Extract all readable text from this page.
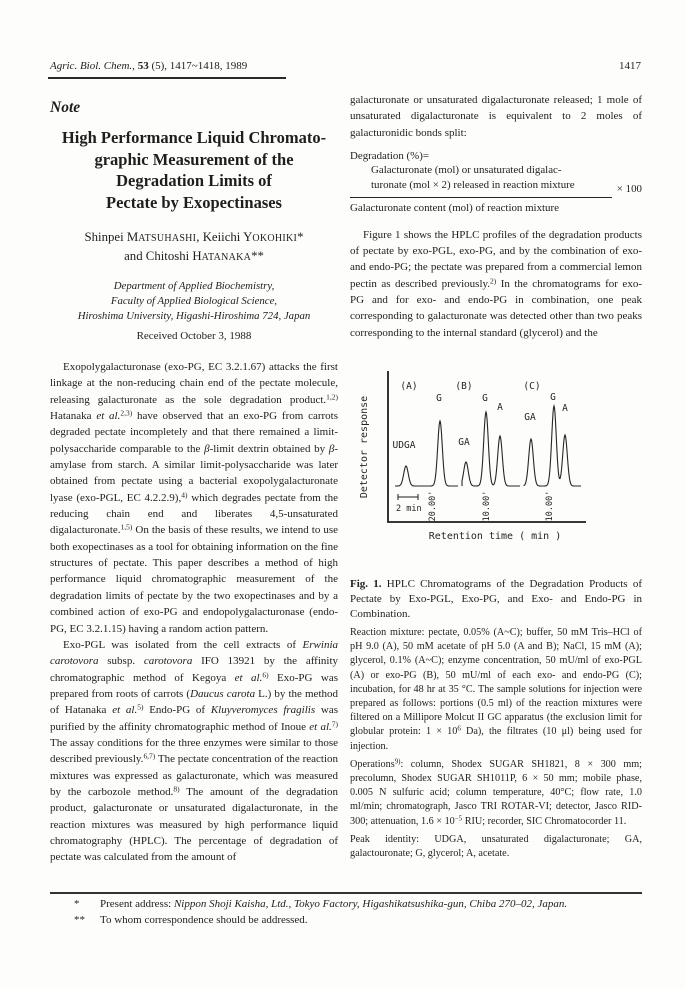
Agric. Biol. Chem., 53 (5), 1417~1418, 1989	1417
Note
High Performance Liquid Chromato-
graphic Measurement of the
Degradation Limits of
Pectate by Exopectinases
Shinpei MATSUHASHI, Keiichi YOKOHIKI*
and Chitoshi HATANAKA**
Department of Applied Biochemistry,
Faculty of Applied Biological Science,
Hiroshima University, Higashi-Hiroshima 724, Japan
Received October 3, 1988

Exopolygalacturonase (exo-PG, EC 3.2.1.67) attacks the first linkage at the non-reducing chain end of the pectate molecule, releasing galacturonate as the sole degradation product.$^{1,2)}$ Hatanaka et al.$^{2,3)}$ have observed that an exo-PG from carrots degraded pectate incompletely and that there remained a limit-polysaccharide comparable to the β-limit dextrin obtained by β-amylase from starch. A similar limit-polysaccharide was later obtained from pectate using a bacterial exopolygalacturonate lyase (exo-PGL, EC 4.2.2.9),$^{4)}$ which degrades pectate from the reducing chain end and liberates 4,5-unsaturated digalacturonate.$^{1,5)}$ On the basis of these results, we intend to use both exopectinases as a tool for obtaining information on the fine structures of pectate. This paper describes a method of high performance liquid chromatographic measurement of the degradation limits of pectate by the two exopectinases and by a combined action of exo-PG and endopolygalacturonase (endo-PG, EC 3.2.1.15) having a random action pattern.

Exo-PGL was isolated from the cell extracts of Erwinia carotovora subsp. carotovora IFO 13921 by the affinity chromatographic method of Kegoya et al.$^{6)}$ Exo-PG was prepared from roots of carrots (Daucus carota L.) by the method of Hatanaka et al.$^{5)}$ Endo-PG of Kluyveromyces fragilis was purified by the affinity chromatographic method of Inoue et al.$^{7)}$ The assay conditions for the three enzymes were similar to those described previously.$^{6,7)}$ The pectate concentration of the reaction mixtures was expressed as galacturonate, which was measured by the carbozole method.$^{8)}$ The amount of the degradation product, galacturonate or unsaturated digalacturonate, in the reaction mixtures was measured by high performance liquid chromatography (HPLC). The percentage of degradation of pectate was calculated from the amount of

galacturonate or unsaturated digalacturonate released; 1 mole of unsaturated digalacturonate is equivalent to 2 moles of galacturonidic bonds split:

Degradation (%)=
Galacturonate (mol) or unsaturated digalac-
turonate (mol × 2) released in reaction mixture
Galacturonate content (mol) of reaction mixture
× 100

Figure 1 shows the HPLC profiles of the degradation products of pectate by exo-PGL, exo-PG, and by the combination of exo- and endo-PG; the pectate was prepared from a commercial lemon pectin as described previously.$^{2)}$ In the chromatograms for exo-PG and for exo- and endo-PG in combination, one peak corresponding to galacturonate was detected other than two peaks corresponding to the internal standard (glycerol) and the

Retention time ( min )
Detector response
2 min
(A)
UDGA
G
20.00'
(B)
GA
G
A
10.00'
(C)
GA
G
A
10.00'

Fig. 1. HPLC Chromatograms of the Degradation Products of Pectate by Exo-PGL, Exo-PG, and Exo- and Endo-PG in Combination.

Reaction mixture: pectate, 0.05% (A~C); buffer, 50 mM Tris–HCl of pH 9.0 (A), 50 mM acetate of pH 5.0 (A and B); NaCl, 15 mM (A); glycerol, 0.1% (A~C); enzyme concentration, 50 mU/ml of exo-PGL (A) or exo-PG (B), 50 mU/ml of each exo- and endo-PG (C); incubation, for 48 hr at 35 °C. The sample solutions for injection were prepared as follows: portions (0.5 ml) of the reaction mixtures were filtered on a Millipore Molcut II GC apparatus (the exclusion limit for globular protein: $1 \times 10^6$ Da), the filtrates (10 μl) being used for injection.

Operations$^{9)}$: column, Shodex SUGAR SH1821, 8 × 300 mm; precolumn, Shodex SUGAR SH1011P, 6 × 50 mm; mobile phase, 0.005 N sulfuric acid; column temperature, 40°C; flow rate, 1.0 ml/min; chromatograph, Jasco TRI ROTAR-VI; detector, Jasco RID-300; attenuation, $1.6 \times 10^{-5}$ RIU; recorder, SIC Chromatocorder 11.

Peak identity: UDGA, unsaturated digalacturonate; GA, galactouronate; G, glycerol; A, acetate.

*	Present address: Nippon Shoji Kaisha, Ltd., Tokyo Factory, Higashikatsushika-gun, Chiba 270–02, Japan.
**	To whom correspondence should be addressed.
